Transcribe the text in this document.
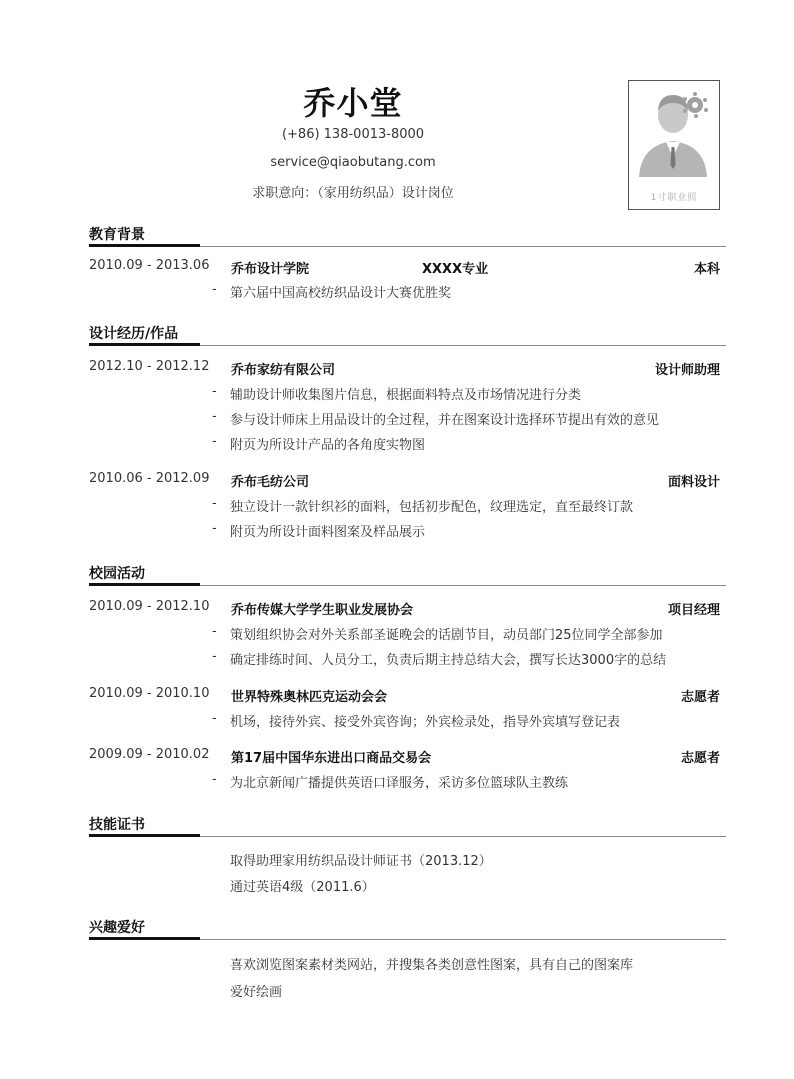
乔小堂
(+86) 138-0013-8000
service@qiaobutang.com
求职意向：（家用纺织品）设计岗位	1寸职业照
教育背景
2010.09 - 2013.06 乔布设计学院	XXXX专业	本科
- 第六届中国高校纺织品设计大赛优胜奖
设计经历/作品
2012.10 - 2012.12 乔布家纺有限公司	设计师助理
- 辅助设计师收集图片信息，根据面料特点及市场情况进行分类
- 参与设计师床上用品设计的全过程，并在图案设计选择环节提出有效的意见
- 附页为所设计产品的各角度实物图
2010.06 - 2012.09 乔布毛纺公司	面料设计
- 独立设计一款针织衫的面料，包括初步配色，纹理选定，直至最终订款
- 附页为所设计面料图案及样品展示
校园活动
2010.09 - 2012.10 乔布传媒大学学生职业发展协会	项目经理
- 策划组织协会对外关系部圣诞晚会的话剧节目，动员部门25位同学全部参加
- 确定排练时间、人员分工，负责后期主持总结大会，撰写长达3000字的总结
2010.09 - 2010.10 世界特殊奥林匹克运动会会	志愿者
- 机场，接待外宾、接受外宾咨询；外宾检录处，指导外宾填写登记表
2009.09 - 2010.02 第17届中国华东进出口商品交易会	志愿者
- 为北京新闻广播提供英语口译服务，采访多位篮球队主教练
技能证书
取得助理家用纺织品设计师证书（2013.12）
通过英语4级（2011.6）
兴趣爱好
喜欢浏览图案素材类网站，并搜集各类创意性图案，具有自己的图案库
爱好绘画
